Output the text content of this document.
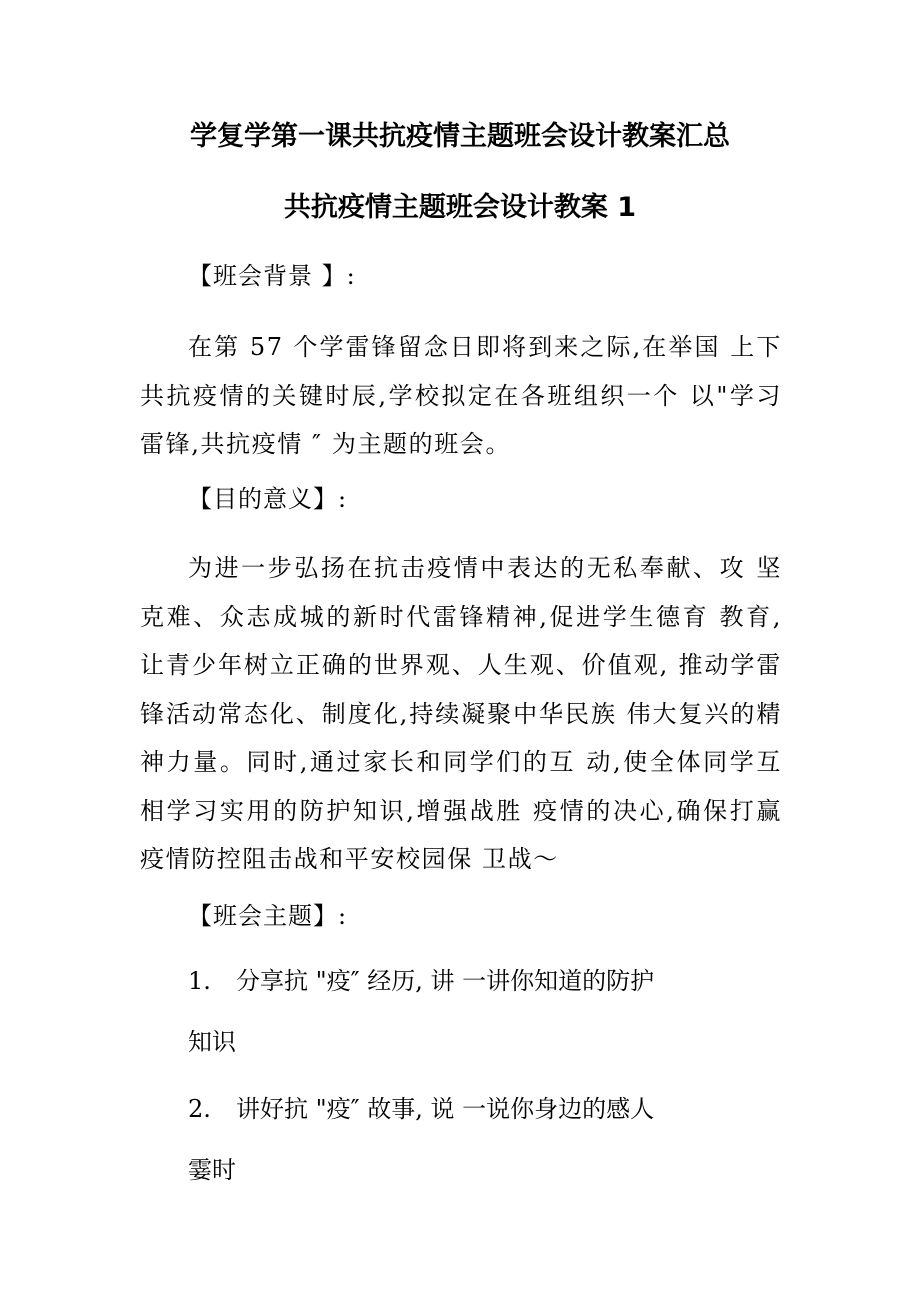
学复学第一课共抗疫情主题班会设计教案汇总
共抗疫情主题班会设计教案 1

【班会背景 】:

在第 57 个学雷锋留念日即将到来之际,在举国 上下共抗疫情的关键时辰,学校拟定在各班组织一个 以"学习雷锋,共抗疫情 ″ 为主题的班会。

【目的意义】:

为进一步弘扬在抗击疫情中表达的无私奉献、攻 坚克难、众志成城的新时代雷锋精神,促进学生德育 教育,让青少年树立正确的世界观、人生观、价值观, 推动学雷锋活动常态化、制度化,持续凝聚中华民族 伟大复兴的精神力量。同时,通过家长和同学们的互 动,使全体同学互相学习实用的防护知识,增强战胜 疫情的决心,确保打赢疫情防控阻击战和平安校园保 卫战～

【班会主题】:

1. 分享抗 "疫″ 经历, 讲 一讲你知道的防护

知识

2. 讲好抗 "疫″ 故事, 说 一说你身边的感人

霎时
